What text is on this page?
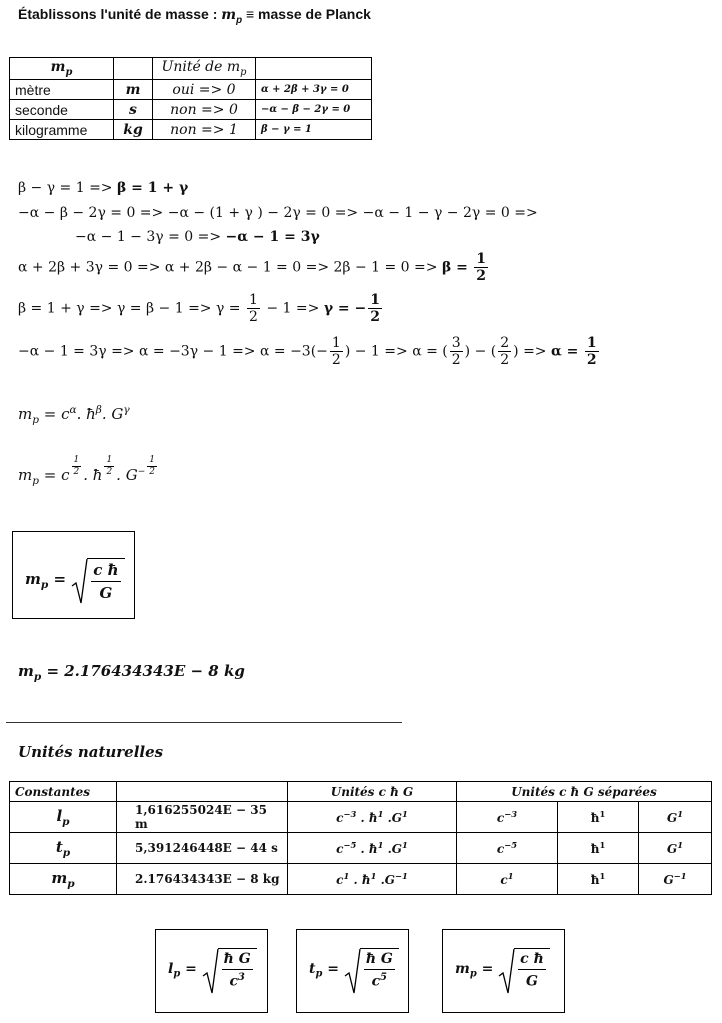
Établissons l'unité de masse : $m_p$ ≡ masse de Planck
$m_p$		Unité de $m_p$	
mètre	m	oui => 0	α + 2β + 3γ = 0
seconde	s	non => 0	−α − β − 2γ = 0
kilogramme	kg	non => 1	β − γ = 1
β − γ = 1 => β = 1 + γ
−α − β − 2γ = 0 => −α − (1 + γ ) − 2γ = 0 => −α − 1 − γ − 2γ = 0 =>
−α − 1 − 3γ = 0 => −α − 1 = 3γ
$\alpha + 2\beta + 3\gamma = 0 => \alpha + 2\beta - \alpha - 1 = 0 => 2\beta - 1 = 0 => \beta = \frac{1}{2}$
$\beta = 1 + \gamma => \gamma = \beta - 1 => \gamma = \frac{1}{2} - 1 => \gamma$ = − $\frac{1}{2}$
$-\alpha - 1 = 3\gamma => \alpha = -3\gamma - 1 => \alpha = -3(- \frac{1}{2}$ ) − 1 => α = ( $\frac{3}{2}$ ) − ( $\frac{2}{2}$ ) => $\alpha = \frac{1}{2}$
$m_p = c^\alpha$. $ħ^\beta$. $G^\gamma$
$m_p = c \frac{1}{2}$ . ħ $\frac{1}{2}$ . $G^- \frac{1}{2}$
$m_p = \frac{\text{c ħ}}{G}$
$m_p = 2.176434343E - 8$ kg
Unités naturelles
Constantes		Unités c ħ G	Unités c ħ G séparées		
$l_p$	1,616255024E − 35 m	$c^{-3}$ . $ħ^1$ $.G^1$	$c^{-3}$	$ħ^1$	$G^1$
$t_p$	5,391246448E − 44 s	$c^{-5}$ . $ħ^1$ $.G^1$	$c^{-5}$	$ħ^1$	$G^1$
$m_p$	2.176434343E − 8 kg	$c^1$ . $ħ^1$ $.G^{-1}$	$c^1$	$ħ^1$	$G^{-1}$
$l_p = \frac{\text{ħ G}}{c^3}$	$t_p = \frac{\text{ħ G}}{c^5}$	$m_p = \frac{\text{c ħ}}{G}$
